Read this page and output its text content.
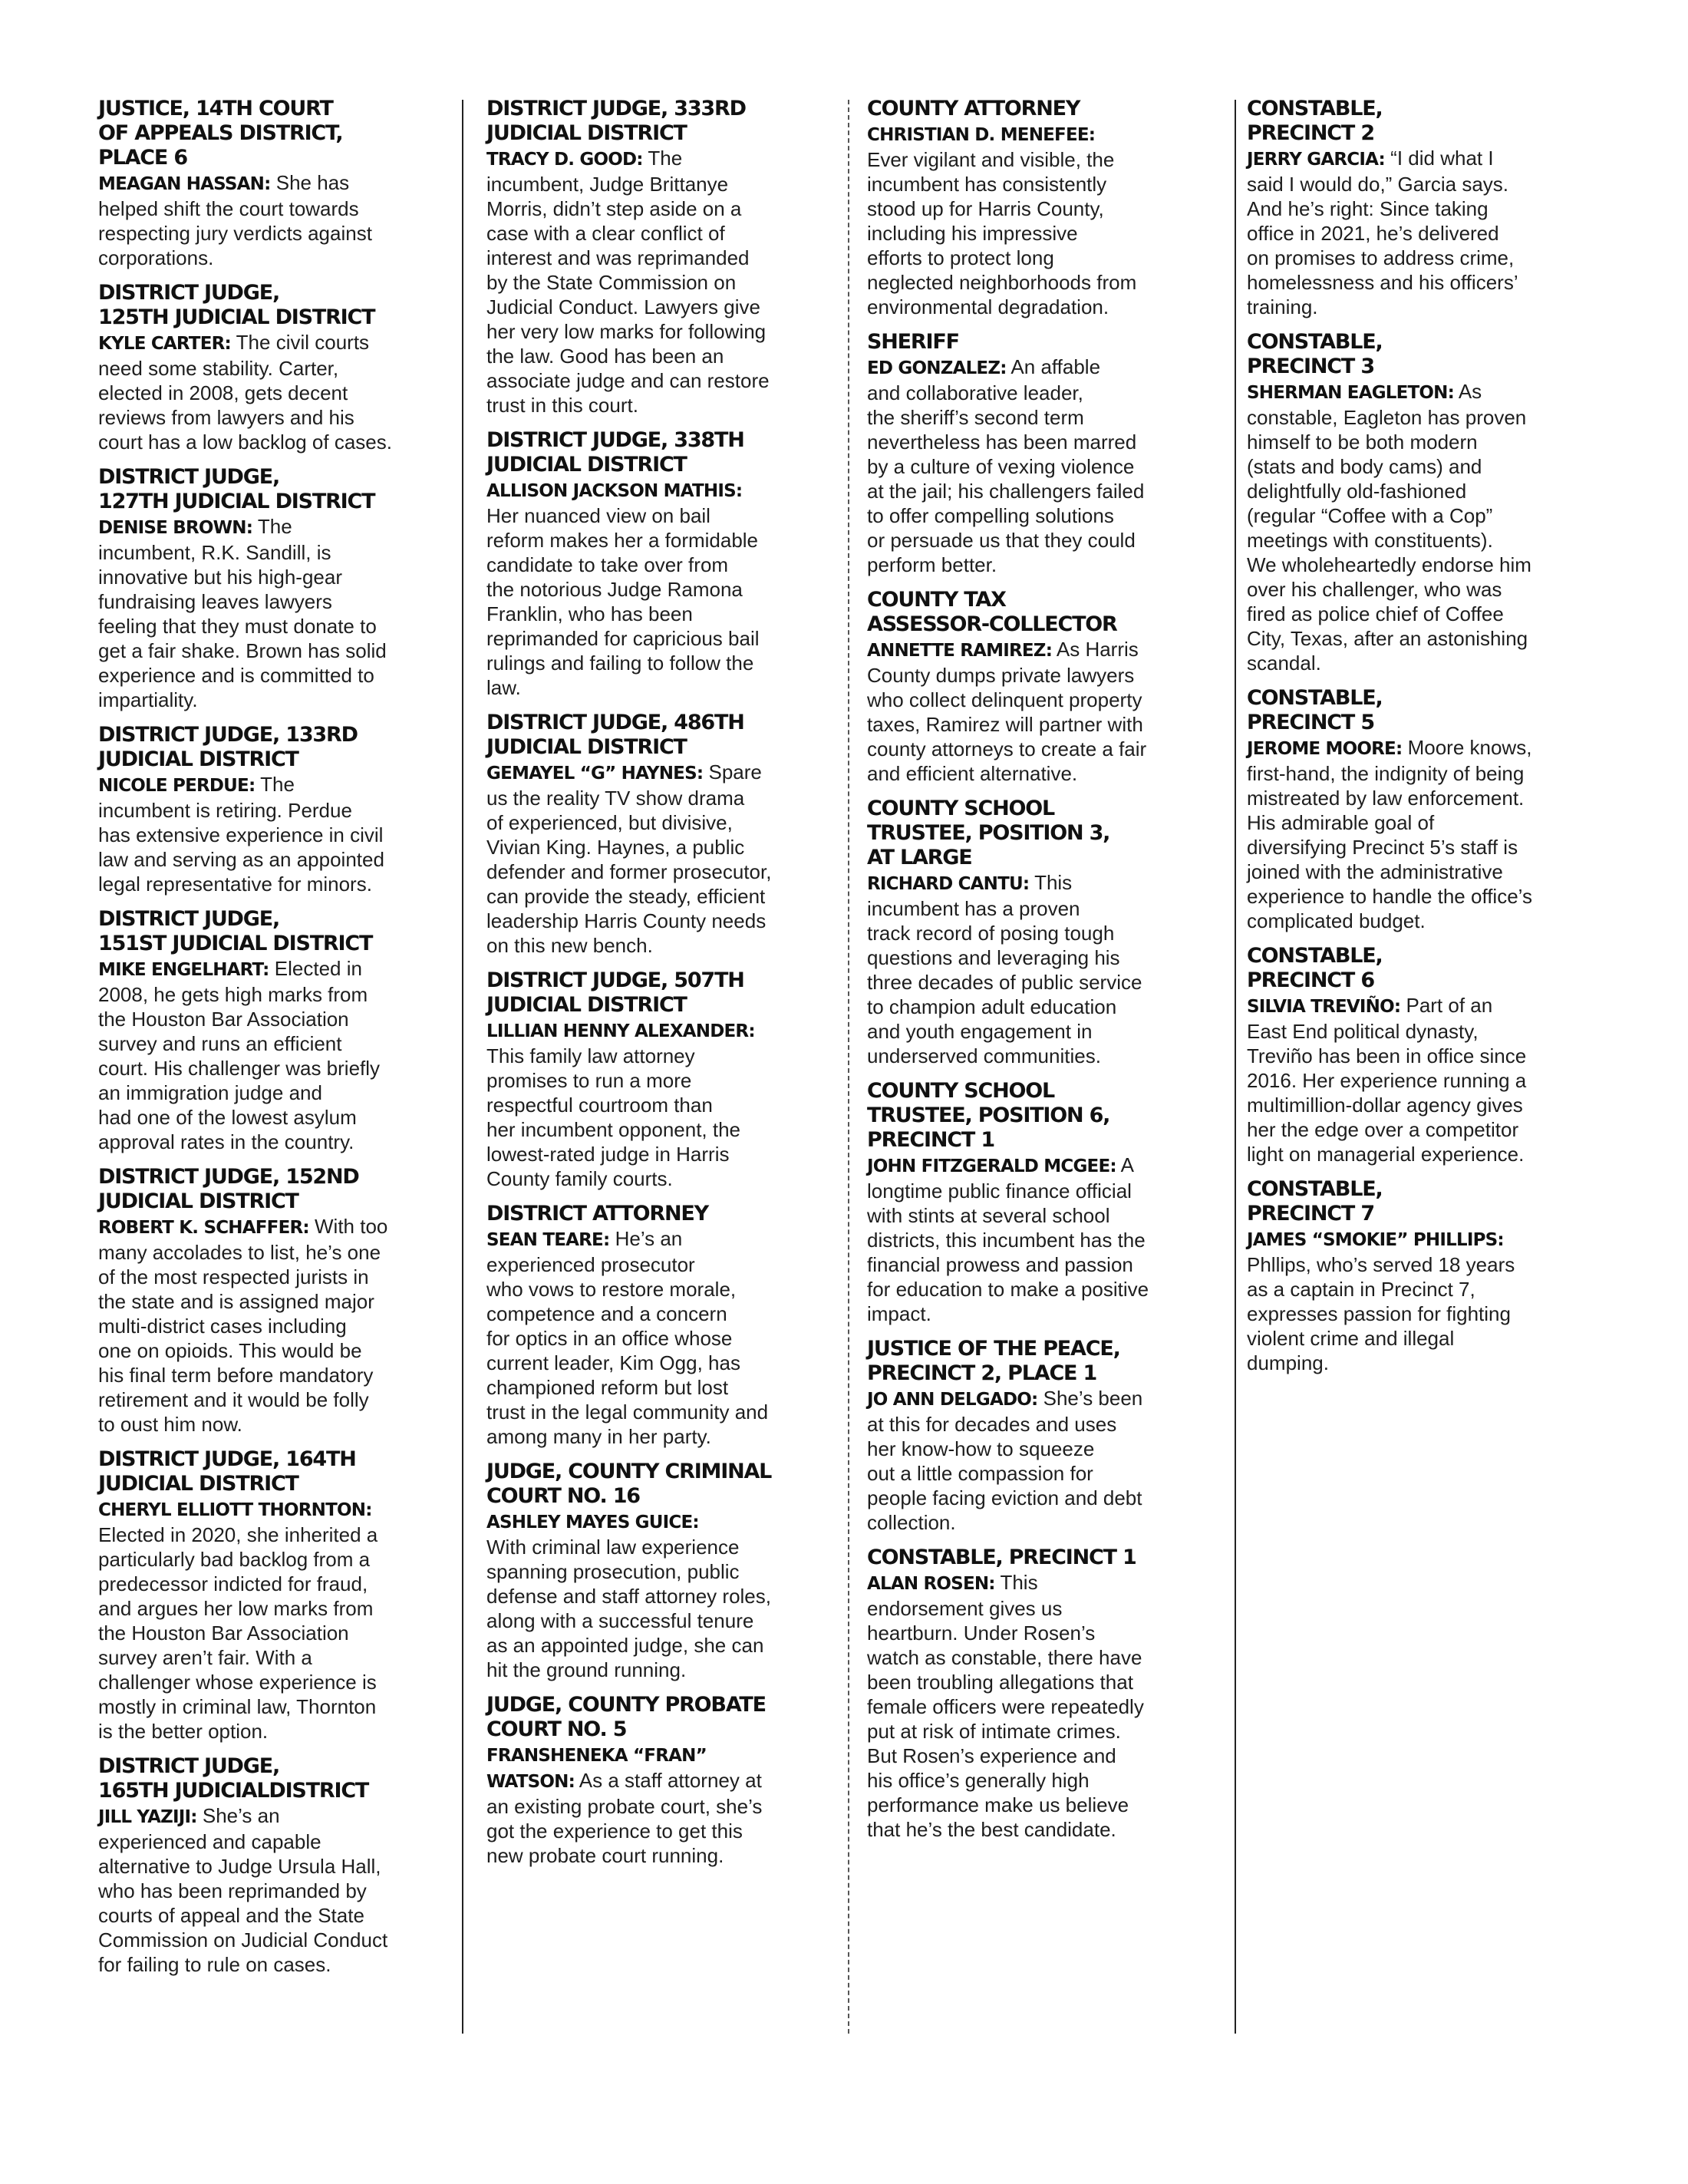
JUSTICE, 14TH COURT
OF APPEALS DISTRICT,
PLACE 6

MEAGAN HASSAN: She has
helped shift the court towards
respecting jury verdicts against
corporations.

DISTRICT JUDGE,
125TH JUDICIAL DISTRICT

KYLE CARTER: The civil courts
need some stability. Carter,
elected in 2008, gets decent
reviews from lawyers and his
court has a low backlog of cases.

DISTRICT JUDGE,
127TH JUDICIAL DISTRICT

DENISE BROWN: The
incumbent, R.K. Sandill, is
innovative but his high-gear
fundraising leaves lawyers
feeling that they must donate to
get a fair shake. Brown has solid
experience and is committed to
impartiality.

DISTRICT JUDGE, 133RD
JUDICIAL DISTRICT

NICOLE PERDUE: The
incumbent is retiring. Perdue
has extensive experience in civil
law and serving as an appointed
legal representative for minors.

DISTRICT JUDGE,
151ST JUDICIAL DISTRICT

MIKE ENGELHART: Elected in
2008, he gets high marks from
the Houston Bar Association
survey and runs an efficient
court. His challenger was briefly
an immigration judge and
had one of the lowest asylum
approval rates in the country.

DISTRICT JUDGE, 152ND
JUDICIAL DISTRICT

ROBERT K. SCHAFFER: With too
many accolades to list, he’s one
of the most respected jurists in
the state and is assigned major
multi-district cases including
one on opioids. This would be
his final term before mandatory
retirement and it would be folly
to oust him now.

DISTRICT JUDGE, 164TH
JUDICIAL DISTRICT

CHERYL ELLIOTT THORNTON:
Elected in 2020, she inherited a
particularly bad backlog from a
predecessor indicted for fraud,
and argues her low marks from
the Houston Bar Association
survey aren’t fair. With a
challenger whose experience is
mostly in criminal law, Thornton
is the better option.

DISTRICT JUDGE,
165TH JUDICIALDISTRICT

JILL YAZIJI: She’s an
experienced and capable
alternative to Judge Ursula Hall,
who has been reprimanded by
courts of appeal and the State
Commission on Judicial Conduct
for failing to rule on cases.

DISTRICT JUDGE, 333RD
JUDICIAL DISTRICT

TRACY D. GOOD: The
incumbent, Judge Brittanye
Morris, didn’t step aside on a
case with a clear conflict of
interest and was reprimanded
by the State Commission on
Judicial Conduct. Lawyers give
her very low marks for following
the law. Good has been an
associate judge and can restore
trust in this court.

DISTRICT JUDGE, 338TH
JUDICIAL DISTRICT

ALLISON JACKSON MATHIS:
Her nuanced view on bail
reform makes her a formidable
candidate to take over from
the notorious Judge Ramona
Franklin, who has been
reprimanded for capricious bail
rulings and failing to follow the
law.

DISTRICT JUDGE, 486TH
JUDICIAL DISTRICT

GEMAYEL “G” HAYNES: Spare
us the reality TV show drama
of experienced, but divisive,
Vivian King. Haynes, a public
defender and former prosecutor,
can provide the steady, efficient
leadership Harris County needs
on this new bench.

DISTRICT JUDGE, 507TH
JUDICIAL DISTRICT

LILLIAN HENNY ALEXANDER:
This family law attorney
promises to run a more
respectful courtroom than
her incumbent opponent, the
lowest-rated judge in Harris
County family courts.

DISTRICT ATTORNEY

SEAN TEARE: He’s an
experienced prosecutor
who vows to restore morale,
competence and a concern
for optics in an office whose
current leader, Kim Ogg, has
championed reform but lost
trust in the legal community and
among many in her party.

JUDGE, COUNTY CRIMINAL
COURT NO. 16

ASHLEY MAYES GUICE:
With criminal law experience
spanning prosecution, public
defense and staff attorney roles,
along with a successful tenure
as an appointed judge, she can
hit the ground running.

JUDGE, COUNTY PROBATE
COURT NO. 5

FRANSHENEKA “FRAN”
WATSON: As a staff attorney at
an existing probate court, she’s
got the experience to get this
new probate court running.

COUNTY ATTORNEY

CHRISTIAN D. MENEFEE:
Ever vigilant and visible, the
incumbent has consistently
stood up for Harris County,
including his impressive
efforts to protect long
neglected neighborhoods from
environmental degradation.

SHERIFF

ED GONZALEZ: An affable
and collaborative leader,
the sheriff’s second term
nevertheless has been marred
by a culture of vexing violence
at the jail; his challengers failed
to offer compelling solutions
or persuade us that they could
perform better.

COUNTY TAX
ASSESSOR-COLLECTOR

ANNETTE RAMIREZ: As Harris
County dumps private lawyers
who collect delinquent property
taxes, Ramirez will partner with
county attorneys to create a fair
and efficient alternative.

COUNTY SCHOOL
TRUSTEE, POSITION 3,
AT LARGE

RICHARD CANTU: This
incumbent has a proven
track record of posing tough
questions and leveraging his
three decades of public service
to champion adult education
and youth engagement in
underserved communities.

COUNTY SCHOOL
TRUSTEE, POSITION 6,
PRECINCT 1

JOHN FITZGERALD MCGEE: A
longtime public finance official
with stints at several school
districts, this incumbent has the
financial prowess and passion
for education to make a positive
impact.

JUSTICE OF THE PEACE,
PRECINCT 2, PLACE 1

JO ANN DELGADO: She’s been
at this for decades and uses
her know-how to squeeze
out a little compassion for
people facing eviction and debt
collection.

CONSTABLE, PRECINCT 1

ALAN ROSEN: This
endorsement gives us
heartburn. Under Rosen’s
watch as constable, there have
been troubling allegations that
female officers were repeatedly
put at risk of intimate crimes.
But Rosen’s experience and
his office’s generally high
performance make us believe
that he’s the best candidate.

CONSTABLE,
PRECINCT 2

JERRY GARCIA: “I did what I
said I would do,” Garcia says.
And he’s right: Since taking
office in 2021, he’s delivered
on promises to address crime,
homelessness and his officers’
training.

CONSTABLE,
PRECINCT 3

SHERMAN EAGLETON: As
constable, Eagleton has proven
himself to be both modern
(stats and body cams) and
delightfully old-fashioned
(regular “Coffee with a Cop”
meetings with constituents).
We wholeheartedly endorse him
over his challenger, who was
fired as police chief of Coffee
City, Texas, after an astonishing
scandal.

CONSTABLE,
PRECINCT 5

JEROME MOORE: Moore knows,
first-hand, the indignity of being
mistreated by law enforcement.
His admirable goal of
diversifying Precinct 5’s staff is
joined with the administrative
experience to handle the office’s
complicated budget.

CONSTABLE,
PRECINCT 6

SILVIA TREVIÑO: Part of an
East End political dynasty,
Treviño has been in office since
2016. Her experience running a
multimillion-dollar agency gives
her the edge over a competitor
light on managerial experience.

CONSTABLE,
PRECINCT 7

JAMES “SMOKIE” PHILLIPS:
Phllips, who’s served 18 years
as a captain in Precinct 7,
expresses passion for fighting
violent crime and illegal
dumping.
